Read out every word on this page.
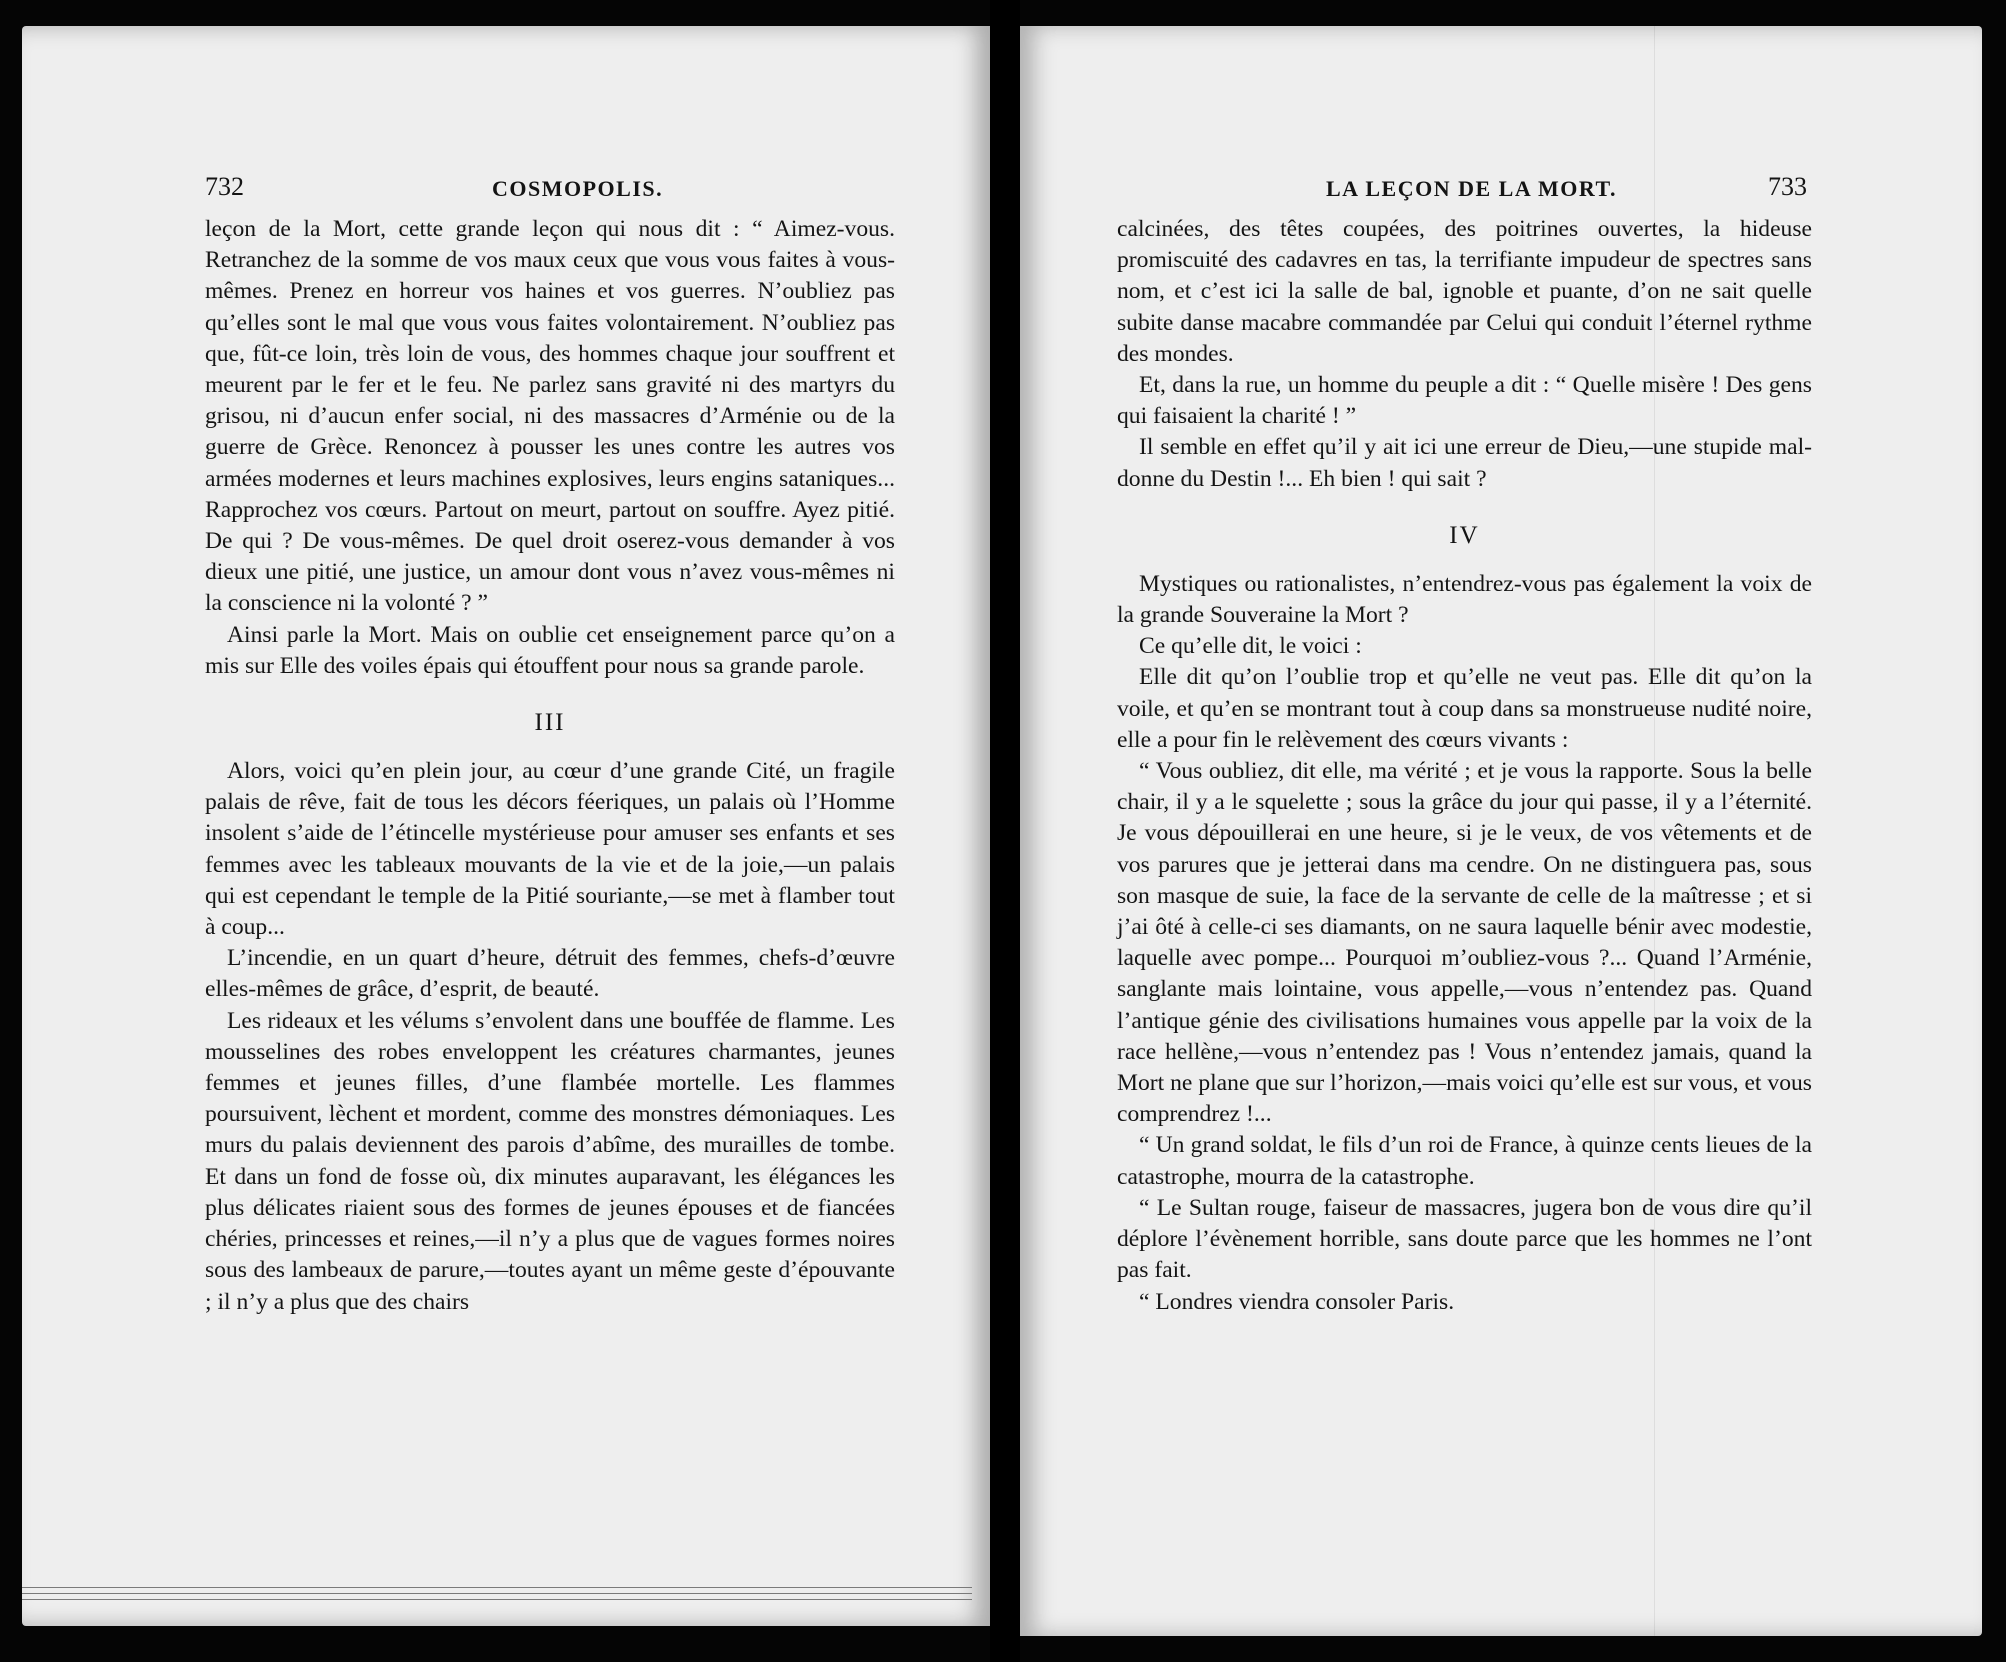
732	COSMOPOLIS.

leçon de la Mort, cette grande leçon qui nous dit : “ Aimez-vous. Retranchez de la somme de vos maux ceux que vous vous faites à vous-mêmes. Prenez en horreur vos haines et vos guerres. N’oubliez pas qu’elles sont le mal que vous vous faites volontairement. N’oubliez pas que, fût-ce loin, très loin de vous, des hommes chaque jour souffrent et meurent par le fer et le feu. Ne parlez sans gravité ni des martyrs du grisou, ni d’aucun enfer social, ni des massacres d’Arménie ou de la guerre de Grèce. Renoncez à pousser les unes contre les autres vos armées modernes et leurs machines explosives, leurs engins sataniques... Rapprochez vos cœurs. Partout on meurt, partout on souffre. Ayez pitié. De qui ? De vous-mêmes. De quel droit oserez-vous demander à vos dieux une pitié, une justice, un amour dont vous n’avez vous-mêmes ni la conscience ni la volonté ? ”

Ainsi parle la Mort. Mais on oublie cet enseignement parce qu’on a mis sur Elle des voiles épais qui étouffent pour nous sa grande parole.

III

Alors, voici qu’en plein jour, au cœur d’une grande Cité, un fragile palais de rêve, fait de tous les décors féeriques, un palais où l’Homme insolent s’aide de l’étincelle mystérieuse pour amuser ses enfants et ses femmes avec les tableaux mouvants de la vie et de la joie,—un palais qui est cependant le temple de la Pitié souriante,—se met à flamber tout à coup...

L’incendie, en un quart d’heure, détruit des femmes, chefs-d’œuvre elles-mêmes de grâce, d’esprit, de beauté.

Les rideaux et les vélums s’envolent dans une bouffée de flamme. Les mousselines des robes enveloppent les créatures charmantes, jeunes femmes et jeunes filles, d’une flambée mortelle. Les flammes poursuivent, lèchent et mordent, comme des monstres démoniaques. Les murs du palais deviennent des parois d’abîme, des murailles de tombe. Et dans un fond de fosse où, dix minutes auparavant, les élégances les plus délicates riaient sous des formes de jeunes épouses et de fiancées chéries, princesses et reines,—il n’y a plus que de vagues formes noires sous des lambeaux de parure,—toutes ayant un même geste d’épouvante ; il n’y a plus que des chairs

LA LEÇON DE LA MORT.	733

calcinées, des têtes coupées, des poitrines ouvertes, la hideuse promiscuité des cadavres en tas, la terrifiante impudeur de spectres sans nom, et c’est ici la salle de bal, ignoble et puante, d’on ne sait quelle subite danse macabre commandée par Celui qui conduit l’éternel rythme des mondes.

Et, dans la rue, un homme du peuple a dit : “ Quelle misère ! Des gens qui faisaient la charité ! ”

Il semble en effet qu’il y ait ici une erreur de Dieu,—une stupide mal-donne du Destin !... Eh bien ! qui sait ?

IV

Mystiques ou rationalistes, n’entendrez-vous pas également la voix de la grande Souveraine la Mort ?

Ce qu’elle dit, le voici :

Elle dit qu’on l’oublie trop et qu’elle ne veut pas. Elle dit qu’on la voile, et qu’en se montrant tout à coup dans sa monstrueuse nudité noire, elle a pour fin le relèvement des cœurs vivants :

“ Vous oubliez, dit elle, ma vérité ; et je vous la rapporte. Sous la belle chair, il y a le squelette ; sous la grâce du jour qui passe, il y a l’éternité. Je vous dépouillerai en une heure, si je le veux, de vos vêtements et de vos parures que je jetterai dans ma cendre. On ne distinguera pas, sous son masque de suie, la face de la servante de celle de la maîtresse ; et si j’ai ôté à celle-ci ses diamants, on ne saura laquelle bénir avec modestie, laquelle avec pompe... Pourquoi m’oubliez-vous ?... Quand l’Arménie, sanglante mais lointaine, vous appelle,—vous n’entendez pas. Quand l’antique génie des civilisations humaines vous appelle par la voix de la race hellène,—vous n’entendez pas ! Vous n’entendez jamais, quand la Mort ne plane que sur l’horizon,—mais voici qu’elle est sur vous, et vous comprendrez !...

“ Un grand soldat, le fils d’un roi de France, à quinze cents lieues de la catastrophe, mourra de la catastrophe.

“ Le Sultan rouge, faiseur de massacres, jugera bon de vous dire qu’il déplore l’évènement horrible, sans doute parce que les hommes ne l’ont pas fait.

“ Londres viendra consoler Paris.
